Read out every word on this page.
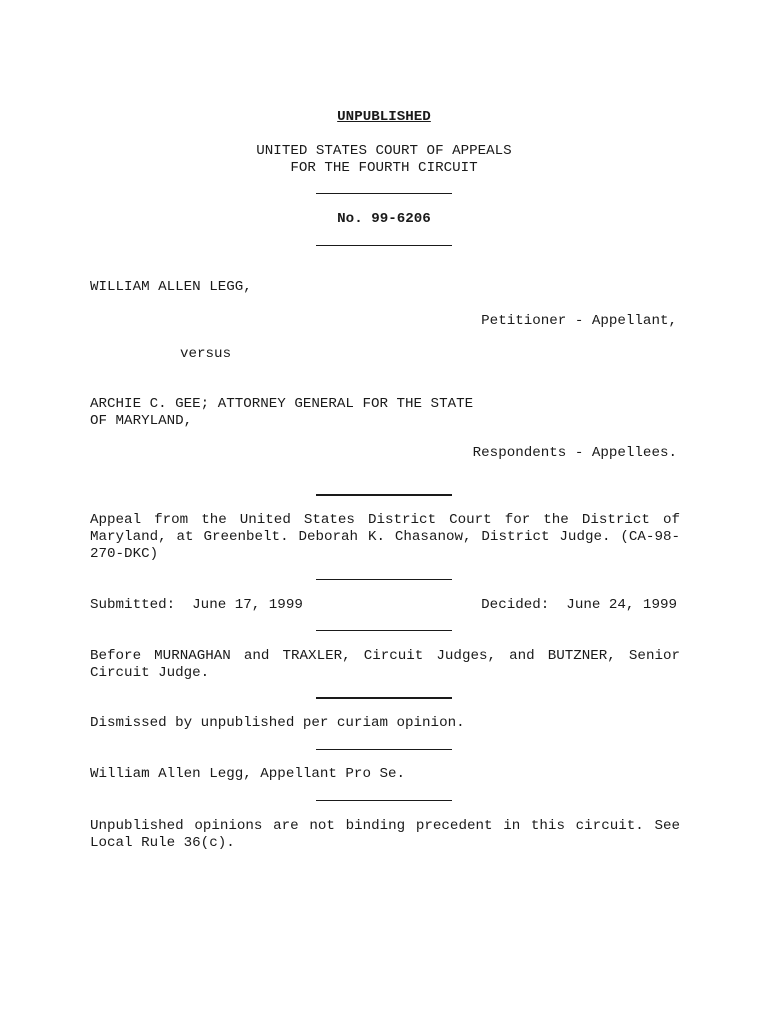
UNPUBLISHED
UNITED STATES COURT OF APPEALS
FOR THE FOURTH CIRCUIT
No. 99-6206
WILLIAM ALLEN LEGG,
Petitioner - Appellant,
versus
ARCHIE C. GEE; ATTORNEY GENERAL FOR THE STATE
OF MARYLAND,
Respondents - Appellees.
Appeal from the United States District Court for the District of Maryland, at Greenbelt. Deborah K. Chasanow, District Judge. (CA-98-270-DKC)
Submitted:  June 17, 1999	Decided:  June 24, 1999
Before MURNAGHAN and TRAXLER, Circuit Judges, and BUTZNER, Senior Circuit Judge.
Dismissed by unpublished per curiam opinion.
William Allen Legg, Appellant Pro Se.
Unpublished opinions are not binding precedent in this circuit. See Local Rule 36(c).
